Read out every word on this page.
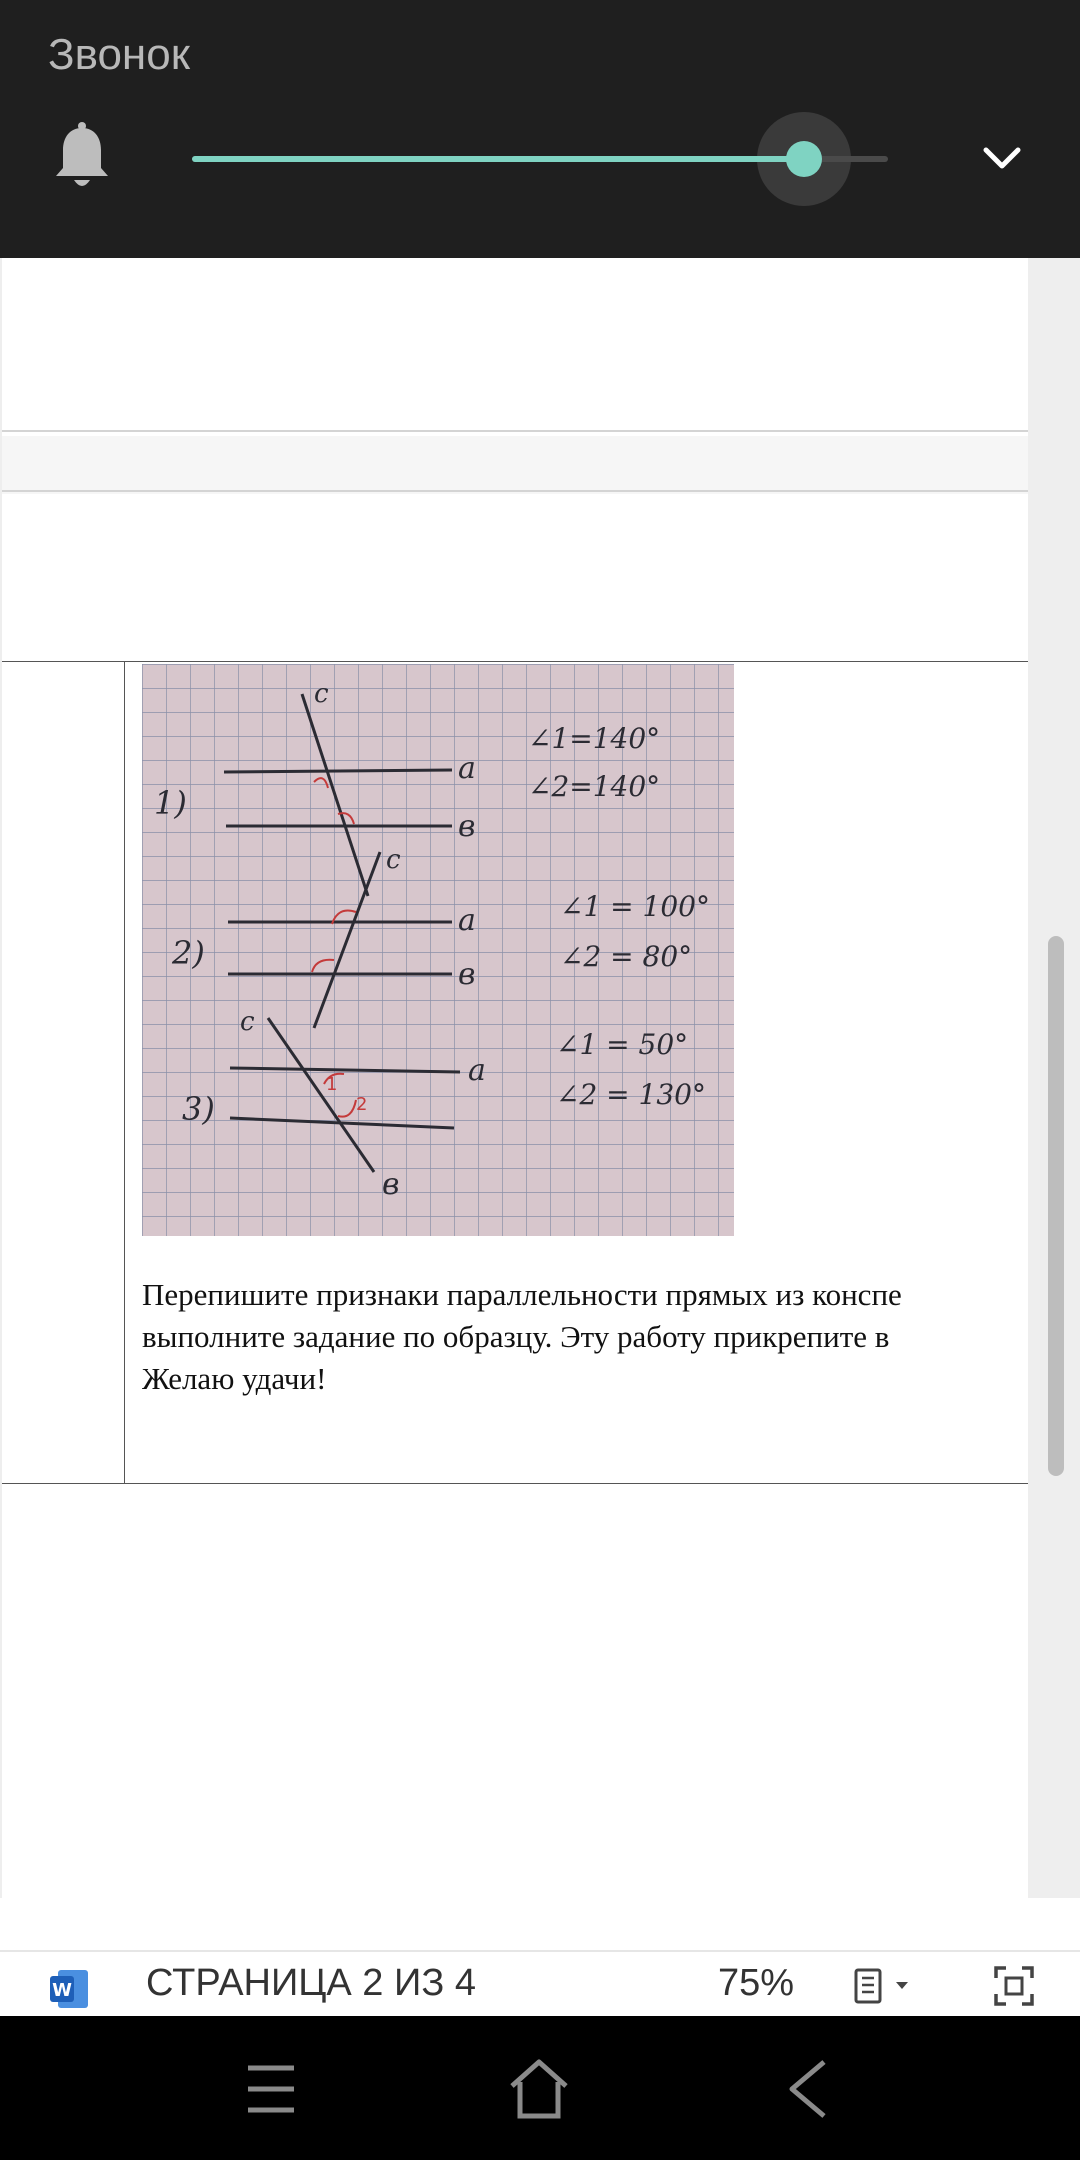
Звонок
1)
c
a
в
∠1=140°
∠2=140°
2)
c
a
в
∠1 = 100°
∠2 = 80°
1
2
3)
c
a
в
∠1 = 50°
∠2 = 130°
Перепишите признаки параллельности прямых из конспе
выполните задание по образцу. Эту работу прикрепите в
Желаю удачи!
W СТРАНИЦА 2 ИЗ 4	75%
